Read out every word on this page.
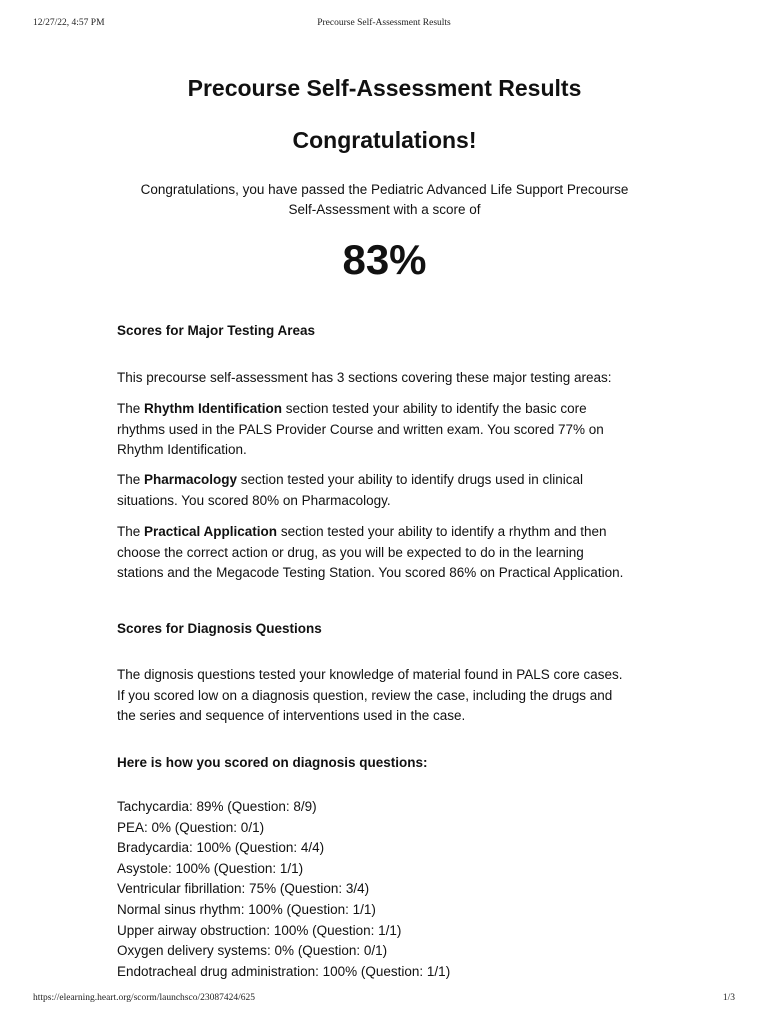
12/27/22, 4:57 PM	Precourse Self-Assessment Results
Precourse Self-Assessment Results
Congratulations!

Congratulations, you have passed the Pediatric Advanced Life Support Precourse
Self-Assessment with a score of

83%
Scores for Major Testing Areas

This precourse self-assessment has 3 sections covering these major testing areas:

The Rhythm Identification section tested your ability to identify the basic core
rhythms used in the PALS Provider Course and written exam. You scored 77% on
Rhythm Identification.

The Pharmacology section tested your ability to identify drugs used in clinical
situations. You scored 80% on Pharmacology.

The Practical Application section tested your ability to identify a rhythm and then
choose the correct action or drug, as you will be expected to do in the learning
stations and the Megacode Testing Station. You scored 86% on Practical Application.

Scores for Diagnosis Questions

The dignosis questions tested your knowledge of material found in PALS core cases.
If you scored low on a diagnosis question, review the case, including the drugs and
the series and sequence of interventions used in the case.

Here is how you scored on diagnosis questions:
Tachycardia: 89% (Question: 8/9)
PEA: 0% (Question: 0/1)
Bradycardia: 100% (Question: 4/4)
Asystole: 100% (Question: 1/1)
Ventricular fibrillation: 75% (Question: 3/4)
Normal sinus rhythm: 100% (Question: 1/1)
Upper airway obstruction: 100% (Question: 1/1)
Oxygen delivery systems: 0% (Question: 0/1)
Endotracheal drug administration: 100% (Question: 1/1)
https://elearning.heart.org/scorm/launchsco/23087424/625	1/3
